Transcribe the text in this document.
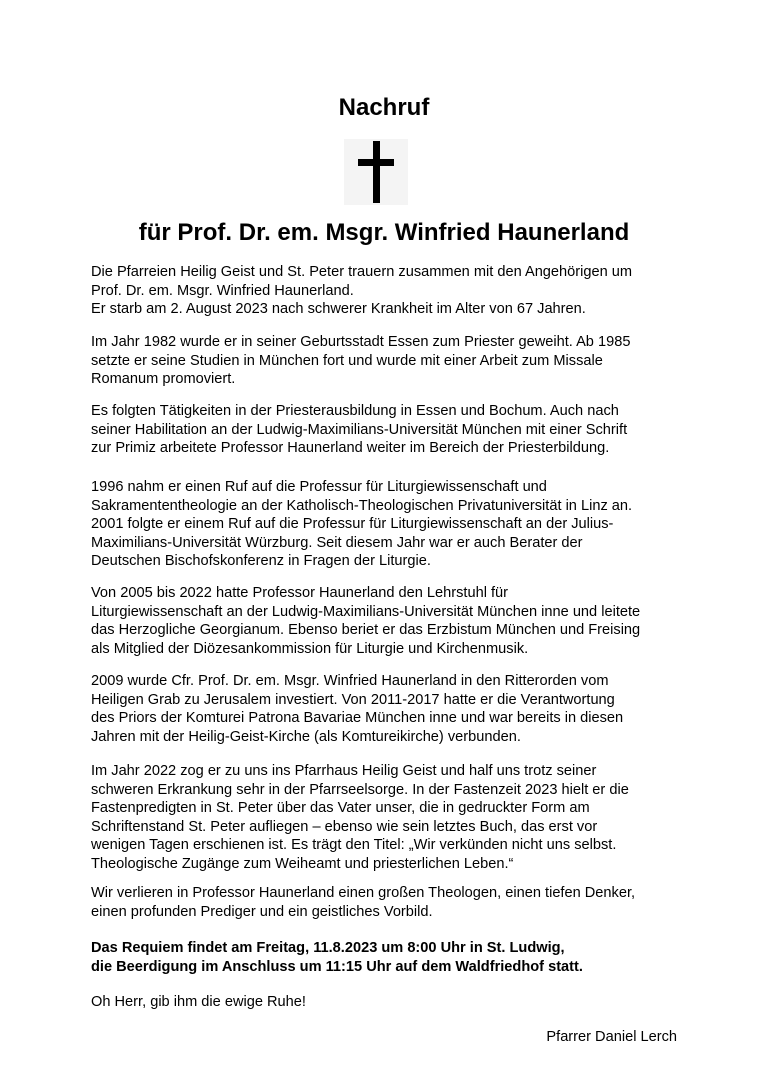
Nachruf
für Prof. Dr. em. Msgr. Winfried Haunerland
Die Pfarreien Heilig Geist und St. Peter trauern zusammen mit den Angehörigen um
Prof. Dr. em. Msgr. Winfried Haunerland.
Er starb am 2. August 2023 nach schwerer Krankheit im Alter von 67 Jahren.
Im Jahr 1982 wurde er in seiner Geburtsstadt Essen zum Priester geweiht. Ab 1985
setzte er seine Studien in München fort und wurde mit einer Arbeit zum Missale
Romanum promoviert.
Es folgten Tätigkeiten in der Priesterausbildung in Essen und Bochum. Auch nach
seiner Habilitation an der Ludwig-Maximilians-Universität München mit einer Schrift
zur Primiz arbeitete Professor Haunerland weiter im Bereich der Priesterbildung.
1996 nahm er einen Ruf auf die Professur für Liturgiewissenschaft und
Sakramententheologie an der Katholisch-Theologischen Privatuniversität in Linz an.
2001 folgte er einem Ruf auf die Professur für Liturgiewissenschaft an der Julius-
Maximilians-Universität Würzburg. Seit diesem Jahr war er auch Berater der
Deutschen Bischofskonferenz in Fragen der Liturgie.
Von 2005 bis 2022 hatte Professor Haunerland den Lehrstuhl für
Liturgiewissenschaft an der Ludwig-Maximilians-Universität München inne und leitete
das Herzogliche Georgianum. Ebenso beriet er das Erzbistum München und Freising
als Mitglied der Diözesankommission für Liturgie und Kirchenmusik.
2009 wurde Cfr. Prof. Dr. em. Msgr. Winfried Haunerland in den Ritterorden vom
Heiligen Grab zu Jerusalem investiert. Von 2011-2017 hatte er die Verantwortung
des Priors der Komturei Patrona Bavariae München inne und war bereits in diesen
Jahren mit der Heilig-Geist-Kirche (als Komtureikirche) verbunden.
Im Jahr 2022 zog er zu uns ins Pfarrhaus Heilig Geist und half uns trotz seiner
schweren Erkrankung sehr in der Pfarrseelsorge. In der Fastenzeit 2023 hielt er die
Fastenpredigten in St. Peter über das Vater unser, die in gedruckter Form am
Schriftenstand St. Peter aufliegen – ebenso wie sein letztes Buch, das erst vor
wenigen Tagen erschienen ist. Es trägt den Titel: „Wir verkünden nicht uns selbst.
Theologische Zugänge zum Weiheamt und priesterlichen Leben.“
Wir verlieren in Professor Haunerland einen großen Theologen, einen tiefen Denker,
einen profunden Prediger und ein geistliches Vorbild.
Das Requiem findet am Freitag, 11.8.2023 um 8:00 Uhr in St. Ludwig,
die Beerdigung im Anschluss um 11:15 Uhr auf dem Waldfriedhof statt.
Oh Herr, gib ihm die ewige Ruhe!
Pfarrer Daniel Lerch
